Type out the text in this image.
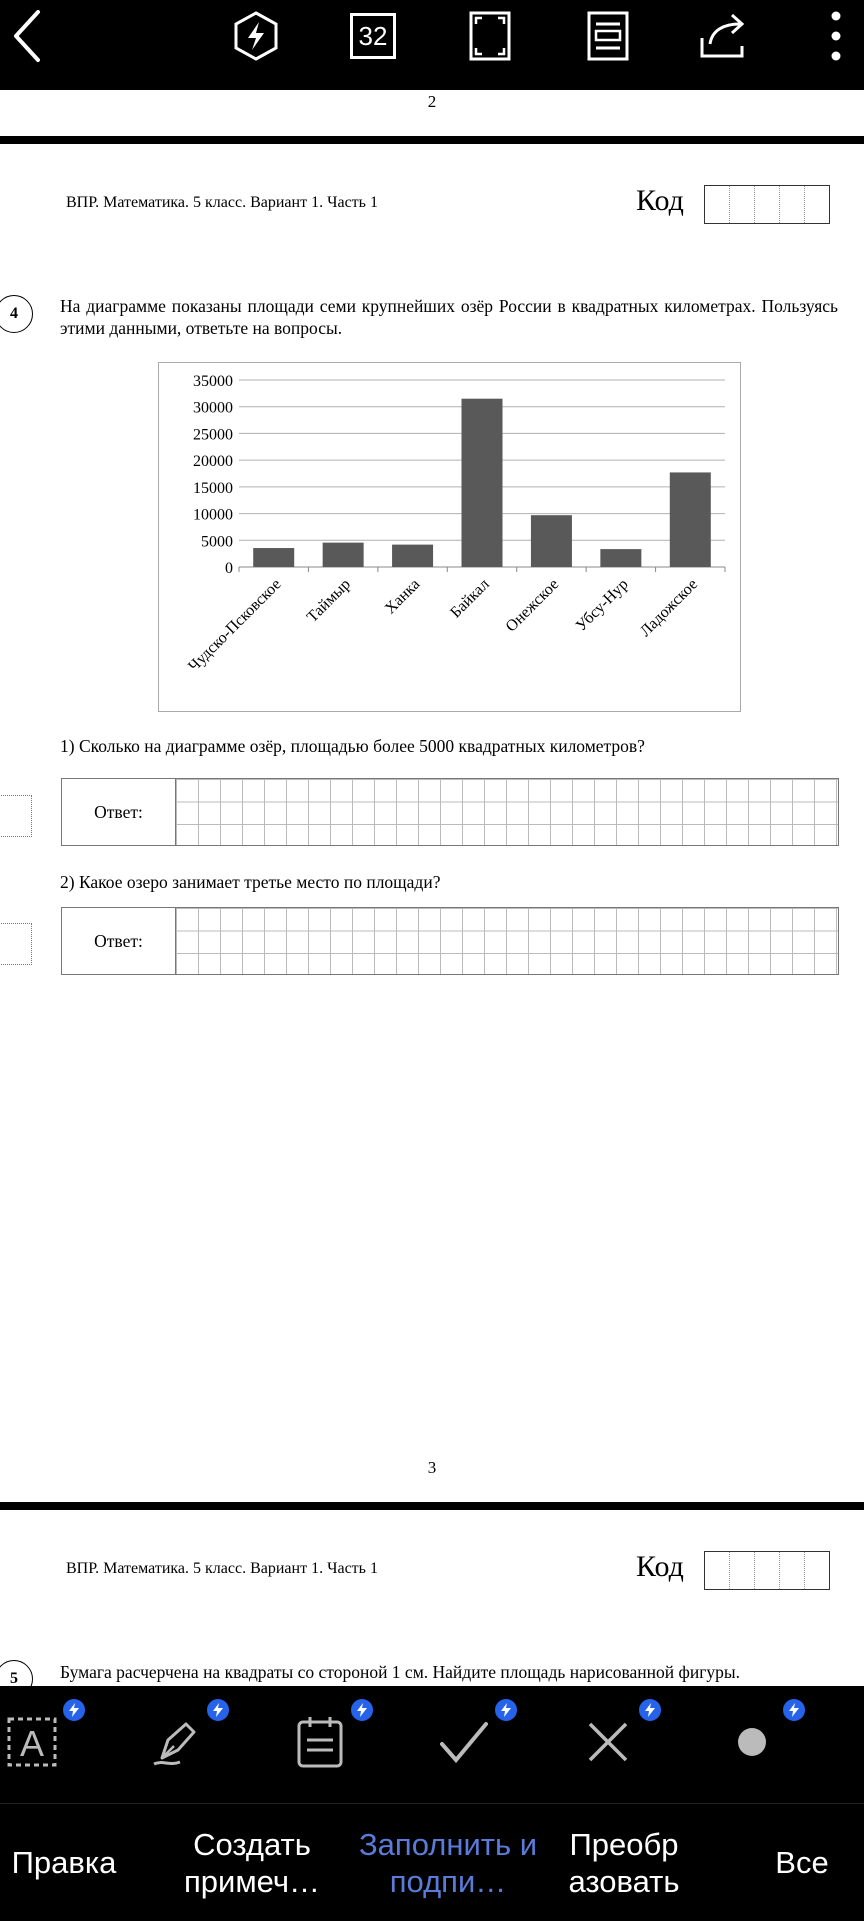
32
2
ВПР. Математика. 5 класс. Вариант 1. Часть 1	Код
4	На диаграмме показаны площади семи крупнейших озёр России в квадратных километрах. Пользуясь этими данными, ответьте на вопросы.
0
5000
10000
15000
20000
25000
30000
35000
Чудско-Псковское Таймыр Ханка Байкал Онежское Убсу-Нур Ладожское
1) Сколько на диаграмме озёр, площадью более 5000 квадратных километров?
Ответ:
2) Какое озеро занимает третье место по площади?
Ответ:
3
ВПР. Математика. 5 класс. Вариант 1. Часть 1	Код
5	Бумага расчерчена на квадраты со стороной 1 см. Найдите площадь нарисованной фигуры.
A
Правка
Создать примеч…
Заполнить и подпи…
Преобр азовать
Все
